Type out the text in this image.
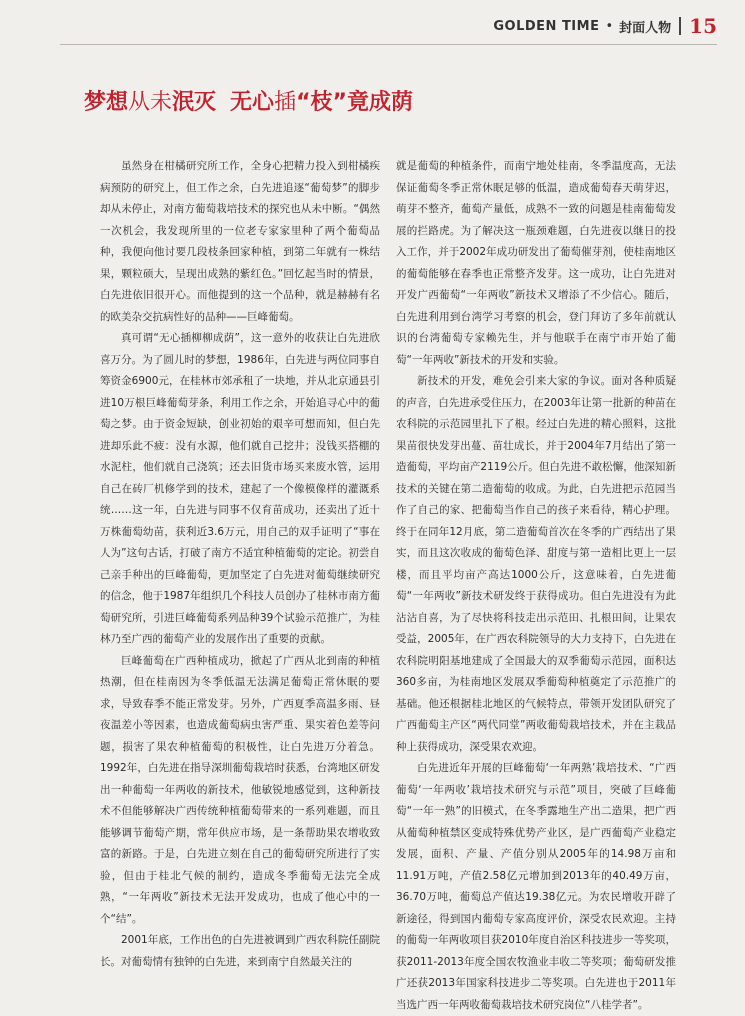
GOLDEN TIME • 封面人物 15
梦想从未泯灭 无心插“枝”竟成荫

虽然身在柑橘研究所工作，全身心把精力投入到柑橘疾病预防的研究上，但工作之余，白先进追逐“葡萄梦”的脚步却从未停止，对南方葡萄栽培技术的探究也从未中断。“偶然一次机会，我发现所里的一位老专家家里种了两个葡萄品种，我便向他讨要几段枝条回家种植，到第二年就有一株结果，颗粒硕大，呈现出成熟的紫红色。”回忆起当时的情景，白先进依旧很开心。而他提到的这一个品种，就是赫赫有名的欧美杂交抗病性好的品种——巨峰葡萄。

真可谓“无心插柳柳成荫”，这一意外的收获让白先进欣喜万分。为了圆儿时的梦想，1986年，白先进与两位同事自筹资金6900元，在桂林市郊承租了一块地，并从北京通县引进10万根巨峰葡萄芽条，利用工作之余，开始追寻心中的葡萄之梦。由于资金短缺，创业初始的艰辛可想而知，但白先进却乐此不疲：没有水源，他们就自己挖井；没钱买搭棚的水泥柱，他们就自己浇筑；还去旧货市场买来废水管，运用自己在砖厂机修学到的技术，建起了一个像模像样的灌溉系统……这一年，白先进与同事不仅育苗成功，还卖出了近十万株葡萄幼苗，获利近3.6万元，用自己的双手证明了“事在人为”这句古话，打破了南方不适宜种植葡萄的定论。初尝自己亲手种出的巨峰葡萄，更加坚定了白先进对葡萄继续研究的信念，他于1987年组织几个科技人员创办了桂林市南方葡萄研究所，引进巨峰葡萄系列品种39个试验示范推广，为桂林乃至广西的葡萄产业的发展作出了重要的贡献。

巨峰葡萄在广西种植成功，掀起了广西从北到南的种植热潮，但在桂南因为冬季低温无法满足葡萄正常休眠的要求，导致春季不能正常发芽。另外，广西夏季高温多雨、昼夜温差小等因素，也造成葡萄病虫害严重、果实着色差等问题，损害了果农种植葡萄的积极性，让白先进万分着急。1992年，白先进在指导深圳葡萄栽培时获悉，台湾地区研发出一种葡萄一年两收的新技术，他敏锐地感觉到，这种新技术不但能够解决广西传统种植葡萄带来的一系列难题，而且能够调节葡萄产期，常年供应市场，是一条帮助果农增收致富的新路。于是，白先进立刻在自己的葡萄研究所进行了实验，但由于桂北气候的制约，造成冬季葡萄无法完全成熟，“一年两收”新技术无法开发成功，也成了他心中的一个“结”。

2001年底，工作出色的白先进被调到广西农科院任副院长。对葡萄情有独钟的白先进，来到南宁自然最关注的

就是葡萄的种植条件，而南宁地处桂南，冬季温度高，无法保证葡萄冬季正常休眠足够的低温，造成葡萄春天萌芽迟，萌芽不整齐，葡萄产量低，成熟不一致的问题是桂南葡萄发展的拦路虎。为了解决这一瓶颈难题，白先进夜以继日的投入工作，并于2002年成功研发出了葡萄催芽剂，使桂南地区的葡萄能够在春季也正常整齐发芽。这一成功，让白先进对开发广西葡萄“一年两收”新技术又增添了不少信心。随后，白先进利用到台湾学习考察的机会，登门拜访了多年前就认识的台湾葡萄专家赖先生，并与他联手在南宁市开始了葡萄“一年两收”新技术的开发和实验。

新技术的开发，难免会引来大家的争议。面对各种质疑的声音，白先进承受住压力，在2003年让第一批新的种苗在农科院的示范园里扎下了根。经过白先进的精心照料，这批果苗很快发芽出蔓、苗壮成长，并于2004年7月结出了第一造葡萄，平均亩产2119公斤。但白先进不敢松懈，他深知新技术的关键在第二造葡萄的收成。为此，白先进把示范园当作了自己的家、把葡萄当作自己的孩子来看待，精心护理。终于在同年12月底，第二造葡萄首次在冬季的广西结出了果实，而且这次收成的葡萄色泽、甜度与第一造相比更上一层楼，而且平均亩产高达1000公斤，这意味着，白先进葡萄“一年两收”新技术研发终于获得成功。但白先进没有为此沾沾自喜，为了尽快将科技走出示范田、扎根田间，让果农受益，2005年，在广西农科院领导的大力支持下，白先进在农科院明阳基地建成了全国最大的双季葡萄示范园，面积达360多亩，为桂南地区发展双季葡萄种植奠定了示范推广的基础。他还根据桂北地区的气候特点，带领开发团队研究了广西葡萄主产区“两代同堂”两收葡萄栽培技术，并在主栽品种上获得成功，深受果农欢迎。

白先进近年开展的巨峰葡萄‘一年两熟’栽培技术、“广西葡萄‘一年两收’栽培技术研究与示范”项目，突破了巨峰葡萄“一年一熟”的旧模式，在冬季露地生产出二造果，把广西从葡萄种植禁区变成特殊优势产业区，是广西葡萄产业稳定发展，面积、产量、产值分别从2005年的14.98万亩和11.91万吨，产值2.58亿元增加到2013年的40.49万亩，36.70万吨，葡萄总产值达19.38亿元。为农民增收开辟了新途径，得到国内葡萄专家高度评价，深受农民欢迎。主持的葡萄一年两收项目获2010年度自治区科技进步一等奖项，获2011-2013年度全国农牧渔业丰收二等奖项；葡萄研发推广还获2013年国家科技进步二等奖项。白先进也于2011年当选广西一年两收葡萄栽培技术研究岗位“八桂学者”。
